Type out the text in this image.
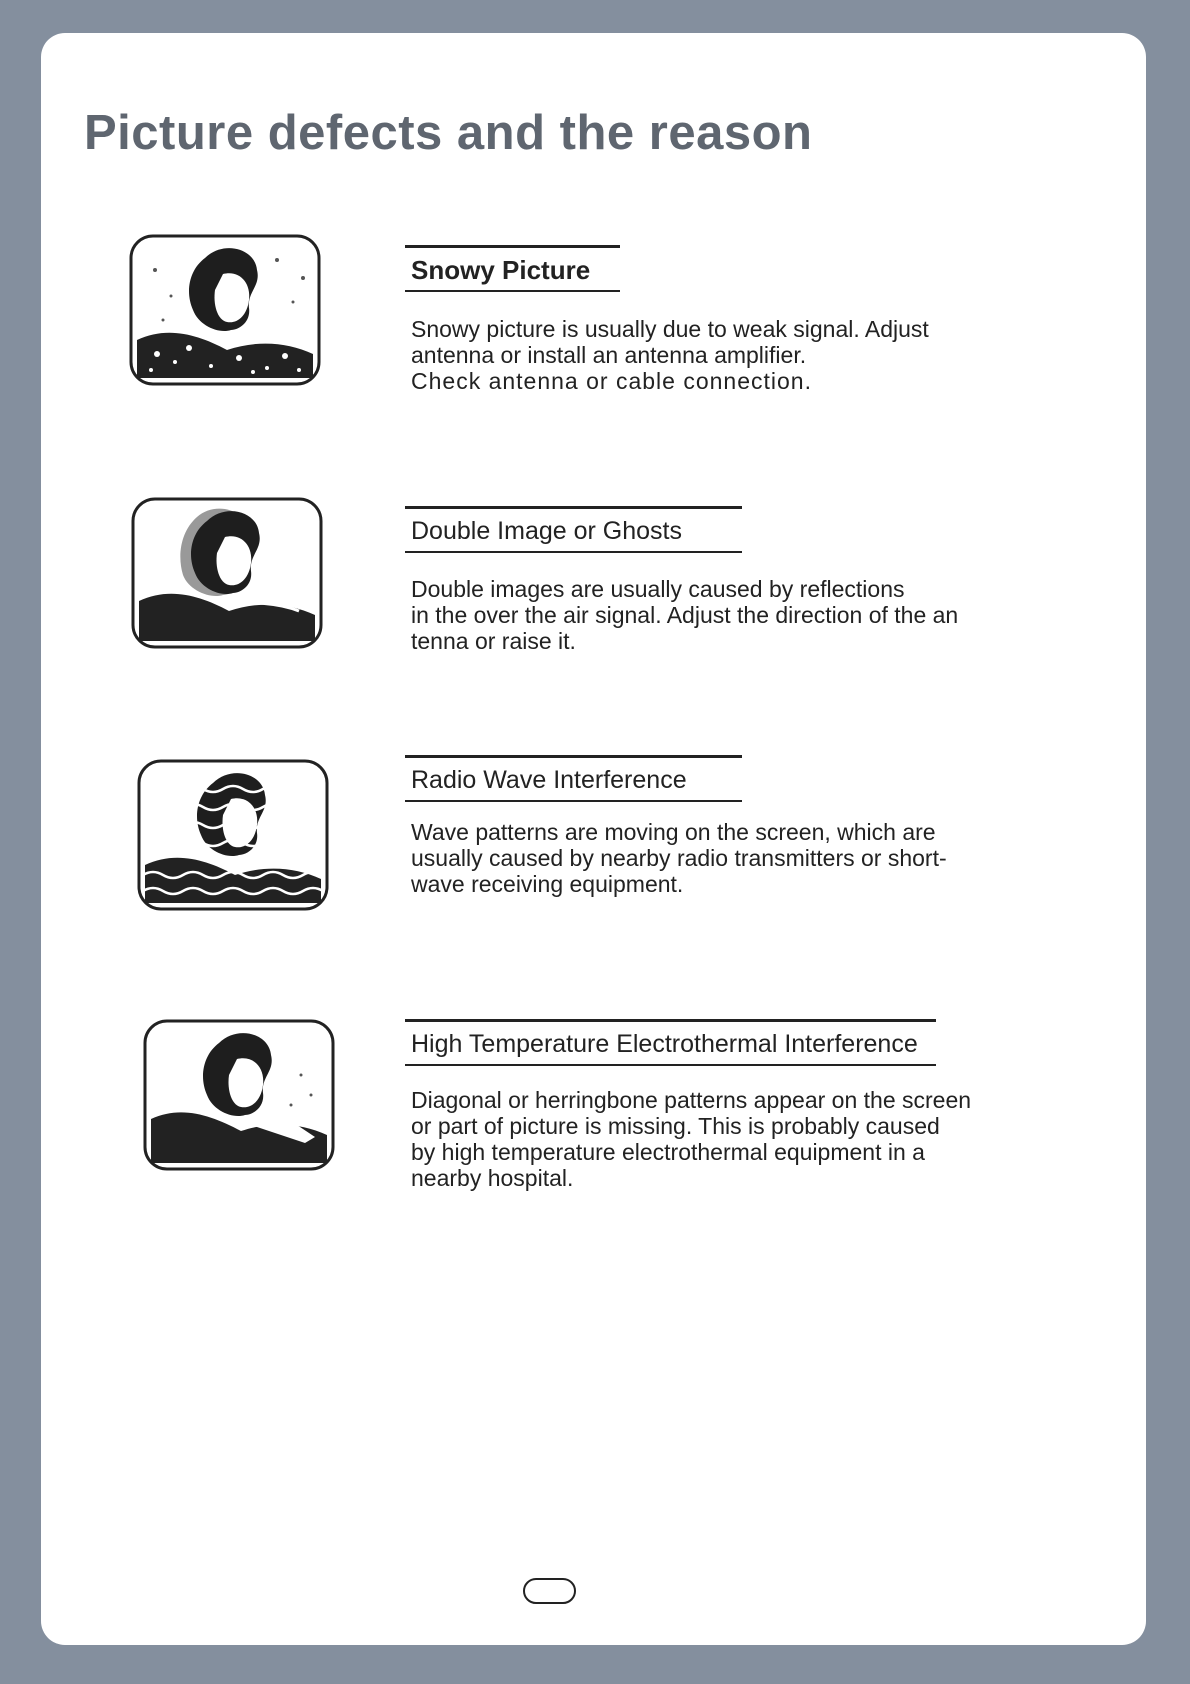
Picture defects and the reason
Snowy Picture

Snowy picture is usually due to weak signal. Adjust
antenna or install an antenna amplifier.
Check antenna or cable connection.

Double Image or Ghosts

Double images are usually caused by reflections
in the over the air signal. Adjust the direction of the an
tenna or raise it.

Radio Wave Interference

Wave patterns are moving on the screen, which are
usually caused by nearby radio transmitters or short-
wave receiving equipment.

High Temperature Electrothermal Interference

Diagonal or herringbone patterns appear on the screen
or part of picture is missing. This is probably caused
by high temperature electrothermal equipment in a
nearby hospital.
